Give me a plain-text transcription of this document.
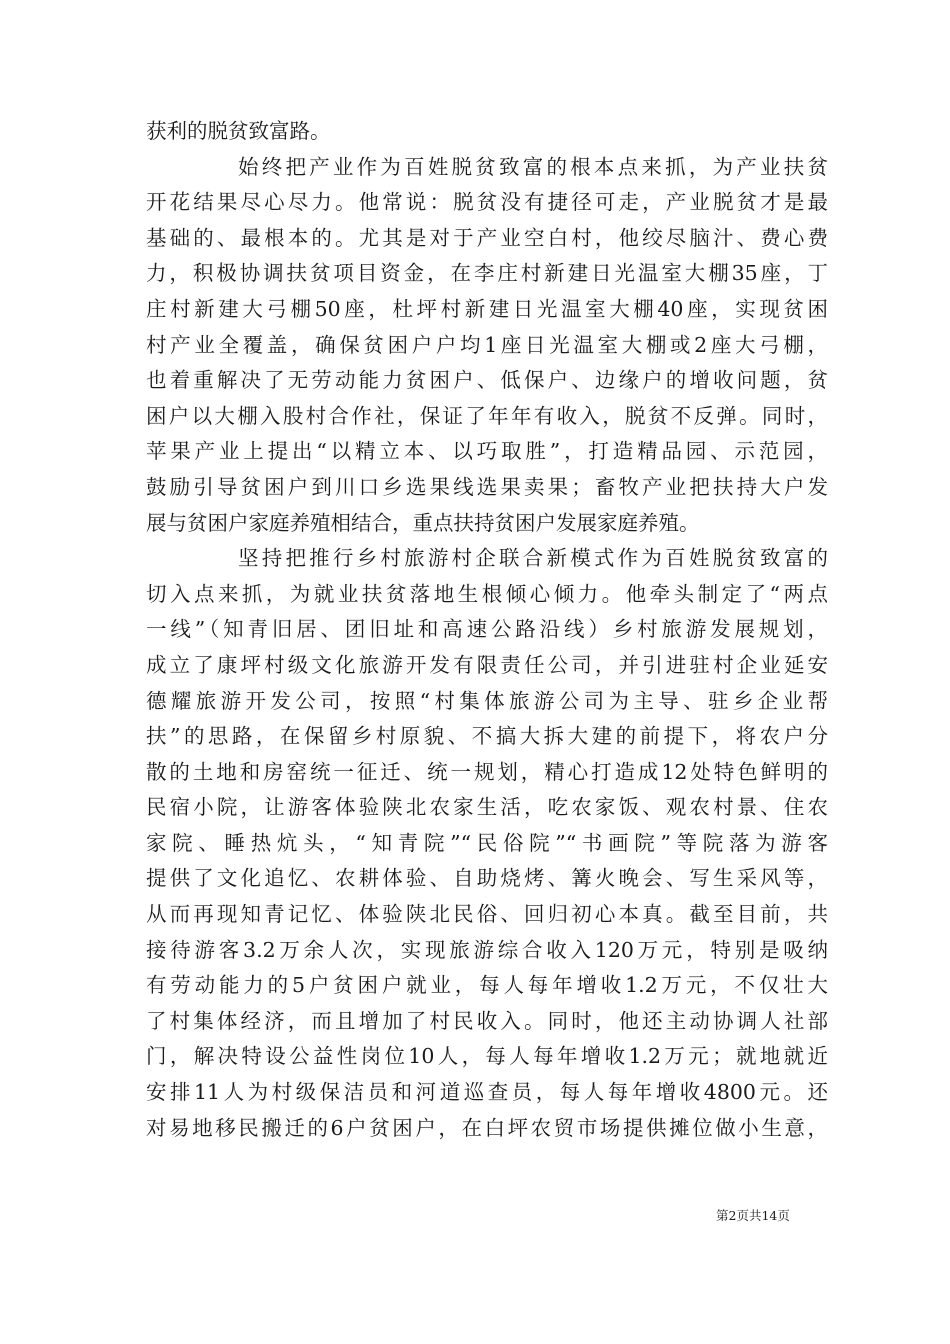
获利的脱贫致富路。
始终把产业作为百姓脱贫致富的根本点来抓，为产业扶贫
开花结果尽心尽力。他常说：脱贫没有捷径可走，产业脱贫才是最
基础的、最根本的。尤其是对于产业空白村，他绞尽脑汁、费心费
力，积极协调扶贫项目资金，在李庄村新建日光温室大棚35座，丁
庄村新建大弓棚50座，杜坪村新建日光温室大棚40座，实现贫困
村产业全覆盖，确保贫困户户均1座日光温室大棚或2座大弓棚，
也着重解决了无劳动能力贫困户、低保户、边缘户的增收问题，贫
困户以大棚入股村合作社，保证了年年有收入，脱贫不反弹。同时，
苹果产业上提出“以精立本、以巧取胜”，打造精品园、示范园，
鼓励引导贫困户到川口乡选果线选果卖果；畜牧产业把扶持大户发
展与贫困户家庭养殖相结合，重点扶持贫困户发展家庭养殖。
坚持把推行乡村旅游村企联合新模式作为百姓脱贫致富的
切入点来抓，为就业扶贫落地生根倾心倾力。他牵头制定了“两点
一线”（知青旧居、团旧址和高速公路沿线）乡村旅游发展规划，
成立了康坪村级文化旅游开发有限责任公司，并引进驻村企业延安
德耀旅游开发公司，按照“村集体旅游公司为主导、驻乡企业帮
扶”的思路，在保留乡村原貌、不搞大拆大建的前提下，将农户分
散的土地和房窑统一征迁、统一规划，精心打造成12处特色鲜明的
民宿小院，让游客体验陕北农家生活，吃农家饭、观农村景、住农
家院、睡热炕头，“知青院”“民俗院”“书画院”等院落为游客
提供了文化追忆、农耕体验、自助烧烤、篝火晚会、写生采风等，
从而再现知青记忆、体验陕北民俗、回归初心本真。截至目前，共
接待游客3.2万余人次，实现旅游综合收入120万元，特别是吸纳
有劳动能力的5户贫困户就业，每人每年增收1.2万元，不仅壮大
了村集体经济，而且增加了村民收入。同时，他还主动协调人社部
门，解决特设公益性岗位10人，每人每年增收1.2万元；就地就近
安排11人为村级保洁员和河道巡查员，每人每年增收4800元。还
对易地移民搬迁的6户贫困户，在白坪农贸市场提供摊位做小生意，
第2页共14页
